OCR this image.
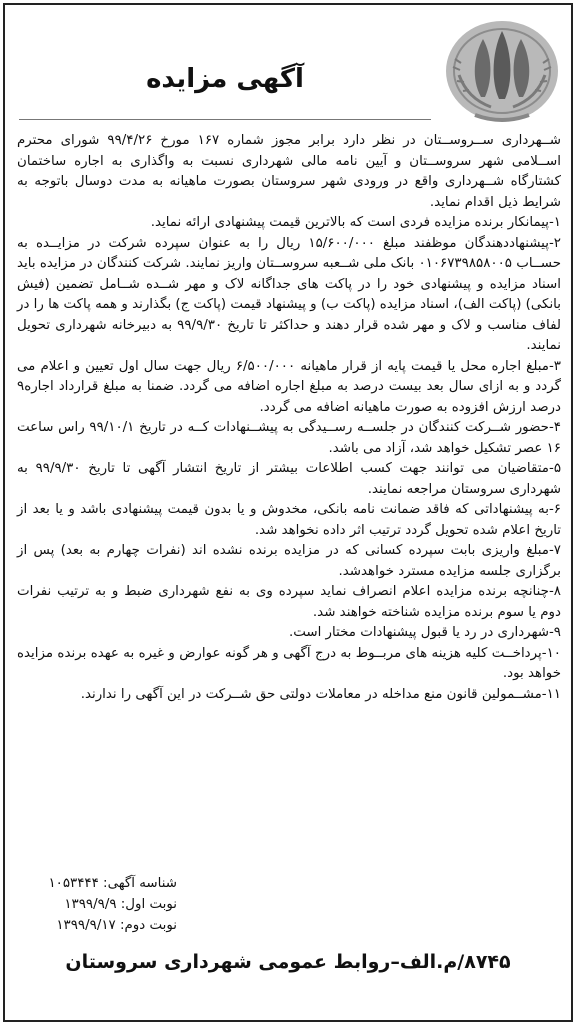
آگهی مزایده

شــهرداری ســروســتان در نظر دارد برابر مجوز شماره ۱۶۷ مورخ ۹۹/۴/۲۶ شورای محترم اســلامی شهر سروســتان و آیین نامه مالی شهرداری نسبت به واگذاری به اجاره ساختمان کشتارگاه شــهرداری واقع در ورودی شهر سروستان بصورت ماهیانه به مدت دوسال باتوجه به شرایط ذیل اقدام نماید.

۱-پیمانکار برنده مزایده فردی است که بالاترین قیمت پیشنهادی ارائه نماید.

۲-پیشنهاددهندگان موظفند مبلغ ۱۵/۶۰۰/۰۰۰ ریال را به عنوان سپرده شرکت در مزایــده به حســاب ۰۱۰۶۷۳۹۸۵۸۰۰۵ بانک ملی شــعبه سروســتان واریز نمایند. شرکت کنندگان در مزایده باید اسناد مزایده و پیشنهادی خود را در پاکت های جداگانه لاک و مهر شــده شــامل تضمین (فیش بانکی) (پاکت الف)، اسناد مزایده (پاکت ب) و پیشنهاد قیمت (پاکت ج) بگذارند و همه پاکت ها را در لفاف مناسب و لاک و مهر شده قرار دهند و حداکثر تا تاریخ ۹۹/۹/۳۰ به دبیرخانه شهرداری تحویل نمایند.

۳-مبلغ اجاره محل یا قیمت پایه از قرار ماهیانه ۶/۵۰۰/۰۰۰ ریال جهت سال اول تعیین و اعلام می گردد و به ازای سال بعد بیست درصد به مبلغ اجاره اضافه می گردد. ضمنا به مبلغ قرارداد اجاره۹ درصد ارزش افزوده به صورت ماهیانه اضافه می گردد.

۴-حضور شــرکت کنندگان در جلســه رســیدگی به پیشــنهادات کــه در تاریخ ۹۹/۱۰/۱ راس ساعت ۱۶ عصر تشکیل خواهد شد، آزاد می باشد.

۵-متقاضیان می توانند جهت کسب اطلاعات بیشتر از تاریخ انتشار آگهی تا تاریخ ۹۹/۹/۳۰ به شهرداری سروستان مراجعه نمایند.

۶-به پیشنهاداتی که فاقد ضمانت نامه بانکی، مخدوش و یا بدون قیمت پیشنهادی باشد و یا بعد از تاریخ اعلام شده تحویل گردد ترتیب اثر داده نخواهد شد.

۷-مبلغ واریزی بابت سپرده کسانی که در مزایده برنده نشده اند (نفرات چهارم به بعد) پس از برگزاری جلسه مزایده مسترد خواهدشد.

۸-چنانچه برنده مزایده اعلام انصراف نماید سپرده وی به نفع شهرداری ضبط و به ترتیب نفرات دوم یا سوم برنده مزایده شناخته خواهند شد.

۹-شهرداری در رد یا قبول پیشنهادات مختار است.

۱۰-پرداخــت کلیه هزینه های مربــوط به درج آگهی و هر گونه عوارض و غیره به عهده برنده مزایده خواهد بود.

۱۱-مشــمولین قانون منع مداخله در معاملات دولتی حق شــرکت در این آگهی را ندارند.

شناسه آگهی: ۱۰۵۳۴۴۴
نوبت اول: ۱۳۹۹/۹/۹
نوبت دوم: ۱۳۹۹/۹/۱۷
۸۷۴۵/م.الف–روابط عمومی شهرداری سروستان
